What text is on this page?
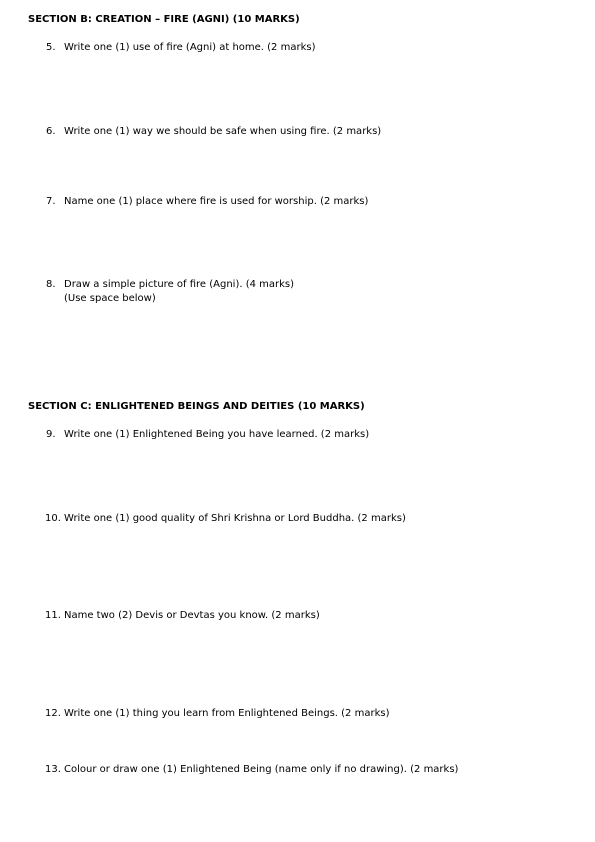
SECTION B: CREATION – FIRE (AGNI) (10 MARKS)
5. Write one (1) use of fire (Agni) at home. (2 marks)
6. Write one (1) way we should be safe when using fire. (2 marks)
7. Name one (1) place where fire is used for worship. (2 marks)
8. Draw a simple picture of fire (Agni). (4 marks)
(Use space below)
SECTION C: ENLIGHTENED BEINGS AND DEITIES (10 MARKS)
9. Write one (1) Enlightened Being you have learned. (2 marks)
10. Write one (1) good quality of Shri Krishna or Lord Buddha. (2 marks)
11. Name two (2) Devis or Devtas you know. (2 marks)
12. Write one (1) thing you learn from Enlightened Beings. (2 marks)
13. Colour or draw one (1) Enlightened Being (name only if no drawing). (2 marks)
